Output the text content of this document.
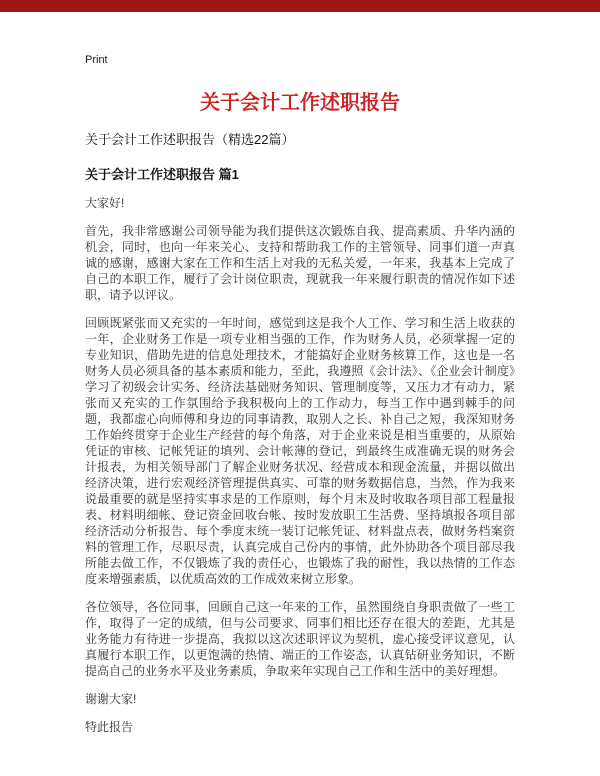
Print
关于会计工作述职报告
关于会计工作述职报告（精选22篇）
关于会计工作述职报告 篇1

大家好!

首先，我非常感谢公司领导能为我们提供这次锻炼自我、提高素质、升华内涵的机会，同时，也向一年来关心、支持和帮助我工作的主管领导、同事们道一声真诚的感谢，感谢大家在工作和生活上对我的无私关爱，一年来，我基本上完成了自己的本职工作，履行了会计岗位职责，现就我一年来履行职责的情况作如下述职，请予以评议。

回顾既紧张而又充实的一年时间，感觉到这是我个人工作、学习和生活上收获的一年，企业财务工作是一项专业相当强的工作，作为财务人员，必须掌握一定的专业知识，借助先进的信息处理技术，才能搞好企业财务核算工作，这也是一名财务人员必须具备的基本素质和能力，至此，我遵照《会计法》、《企业会计制度》学习了初级会计实务、经济法基础财务知识、管理制度等，又压力才有动力，紧张而又充实的工作氛围给予我积极向上的工作动力，每当工作中遇到棘手的问题，我都虚心向师傅和身边的同事请教，取别人之长、补自己之短，我深知财务工作始终贯穿于企业生产经营的每个角落，对于企业来说是相当重要的，从原始凭证的审核、记帐凭证的填列、会计帐薄的登记，到最终生成准确无误的财务会计报表，为相关领导部门了解企业财务状况、经营成本和现金流量，并据以做出经济决策，进行宏观经济管理提供真实、可靠的财务数据信息，当然，作为我来说最重要的就是坚持实事求是的工作原则，每个月末及时收取各项目部工程量报表、材料明细帐、登记资金回收台帐、按时发放职工生活费、坚持填报各项目部经济活动分析报告、每个季度末统一装订记帐凭证、材料盘点表，做财务档案资料的管理工作，尽职尽责，认真完成自己份内的事情，此外协助各个项目部尽我所能去做工作，不仅锻炼了我的责任心，也锻炼了我的耐性，我以热情的工作态度来增强素质，以优质高效的工作成效来树立形象。

各位领导，各位同事，回顾自己这一年来的工作，虽然围绕自身职责做了一些工作，取得了一定的成绩，但与公司要求、同事们相比还存在很大的差距，尤其是业务能力有待进一步提高，我拟以这次述职评议为契机，虚心接受评议意见，认真履行本职工作，以更饱满的热情、端正的工作姿态，认真钻研业务知识，不断提高自己的业务水平及业务素质，争取来年实现自己工作和生活中的美好理想。

谢谢大家!

特此报告
